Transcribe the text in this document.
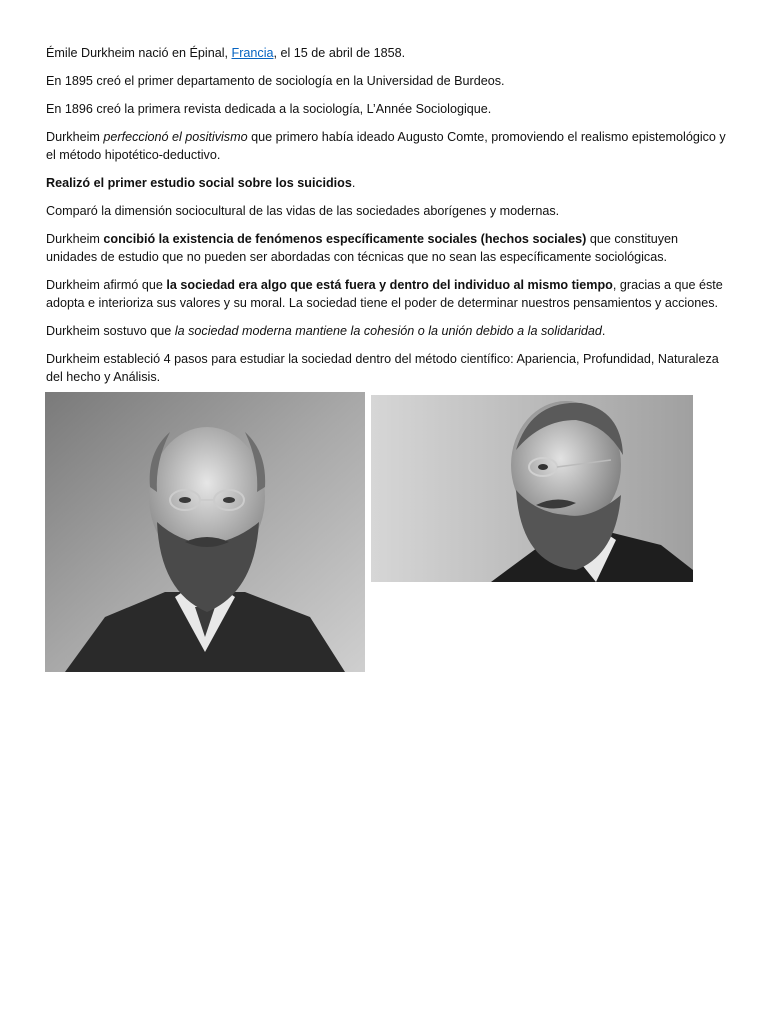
Émile Durkheim nació en Épinal, Francia, el 15 de abril de 1858.

En 1895 creó el primer departamento de sociología en la Universidad de Burdeos.

En 1896 creó la primera revista dedicada a la sociología, L’Année Sociologique.

Durkheim perfeccionó el positivismo que primero había ideado Augusto Comte, promoviendo el realismo epistemológico y el método hipotético-deductivo.

Realizó el primer estudio social sobre los suicidios.

Comparó la dimensión sociocultural de las vidas de las sociedades aborígenes y modernas.

Durkheim concibió la existencia de fenómenos específicamente sociales (hechos sociales) que constituyen unidades de estudio que no pueden ser abordadas con técnicas que no sean las específicamente sociológicas.

Durkheim afirmó que la sociedad era algo que está fuera y dentro del individuo al mismo tiempo, gracias a que éste adopta e interioriza sus valores y su moral. La sociedad tiene el poder de determinar nuestros pensamientos y acciones.

Durkheim sostuvo que la sociedad moderna mantiene la cohesión o la unión debido a la solidaridad.

Durkheim estableció 4 pasos para estudiar la sociedad dentro del método científico: Apariencia, Profundidad, Naturaleza del hecho y Análisis.
